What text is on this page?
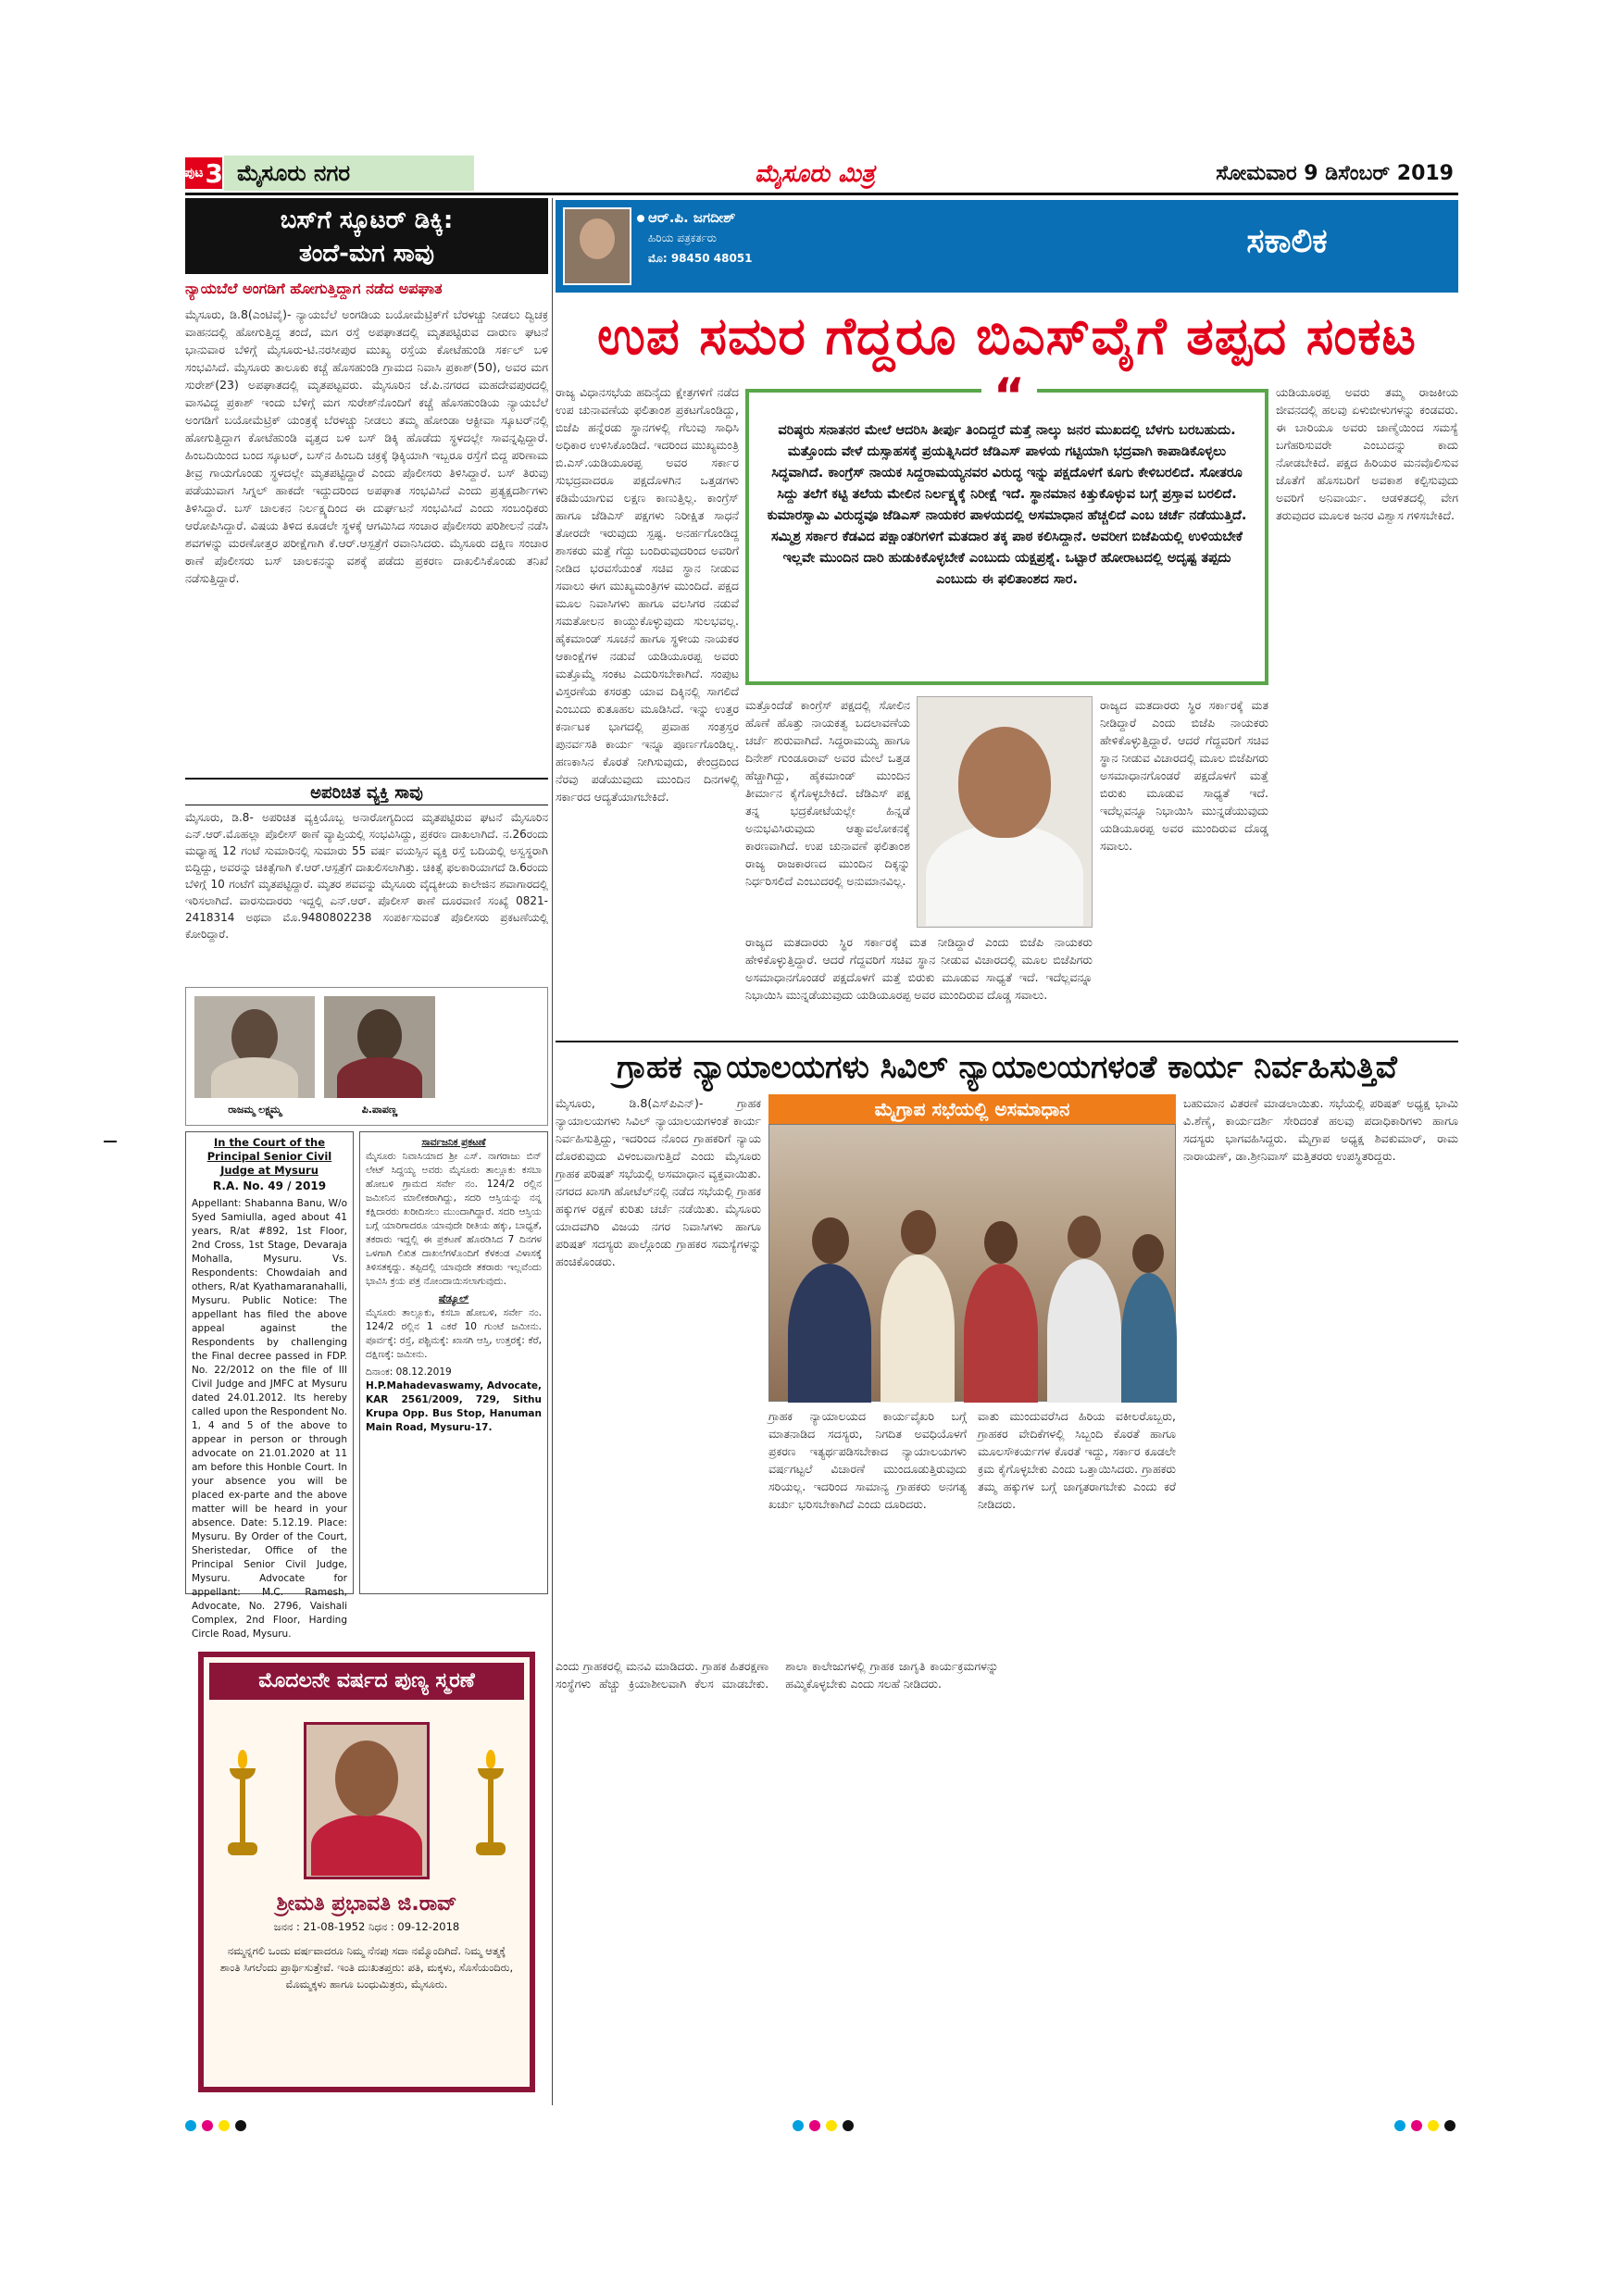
ಪುಟ 3 ಮೈಸೂರು ನಗರ	ಮೈಸೂರು ಮಿತ್ರ	ಸೋಮವಾರ 9 ಡಿಸೆಂಬರ್ 2019
ಬಸ್‌ಗೆ ಸ್ಕೂಟರ್ ಡಿಕ್ಕಿ:
ತಂದೆ-ಮಗ ಸಾವು
ನ್ಯಾಯಬೆಲೆ ಅಂಗಡಿಗೆ ಹೋಗುತ್ತಿದ್ದಾಗ ನಡೆದ ಅಪಘಾತ
ಮೈಸೂರು, ಡಿ.8(ಎಂಟಿವೈ)- ನ್ಯಾಯಬೆಲೆ ಅಂಗಡಿಯ ಬಯೋಮೆಟ್ರಿಕ್‌ಗೆ ಬೆರಳಚ್ಚು ನೀಡಲು ದ್ವಿಚಕ್ರ ವಾಹನದಲ್ಲಿ ಹೋಗುತ್ತಿದ್ದ ತಂದೆ, ಮಗ ರಸ್ತೆ ಅಪಘಾತದಲ್ಲಿ ಮೃತಪಟ್ಟಿರುವ ದಾರುಣ ಘಟನೆ ಭಾನುವಾರ ಬೆಳಿಗ್ಗೆ ಮೈಸೂರು-ಟಿ.ನರಸೀಪುರ ಮುಖ್ಯ ರಸ್ತೆಯ ಕೋಟೆಹುಂಡಿ ಸರ್ಕಲ್ ಬಳಿ ಸಂಭವಿಸಿದೆ. ಮೈಸೂರು ತಾಲೂಕು ಕಚ್ಚೆ ಹೊಸಹುಂಡಿ ಗ್ರಾಮದ ನಿವಾಸಿ ಪ್ರಕಾಶ್(50), ಅವರ ಮಗ ಸುರೇಶ್(23) ಅಪಘಾತದಲ್ಲಿ ಮೃತಪಟ್ಟವರು. ಮೈಸೂರಿನ ಜೆ.ಪಿ.ನಗರದ ಮಹದೇವಪುರದಲ್ಲಿ ವಾಸವಿದ್ದ ಪ್ರಕಾಶ್ ಇಂದು ಬೆಳಿಗ್ಗೆ ಮಗ ಸುರೇಶ್‌ನೊಂದಿಗೆ ಕಚ್ಚೆ ಹೊಸಹುಂಡಿಯ ನ್ಯಾಯಬೆಲೆ ಅಂಗಡಿಗೆ ಬಯೋಮೆಟ್ರಿಕ್ ಯಂತ್ರಕ್ಕೆ ಬೆರಳಚ್ಚು ನೀಡಲು ತಮ್ಮ ಹೋಂಡಾ ಆಕ್ಟೀವಾ ಸ್ಕೂಟರ್‌ನಲ್ಲಿ ಹೋಗುತ್ತಿದ್ದಾಗ ಕೋಟೆಹುಂಡಿ ವೃತ್ತದ ಬಳಿ ಬಸ್ ಡಿಕ್ಕಿ ಹೊಡೆದು ಸ್ಥಳದಲ್ಲೇ ಸಾವನ್ನಪ್ಪಿದ್ದಾರೆ. ಹಿಂಬದಿಯಿಂದ ಬಂದ ಸ್ಕೂಟರ್, ಬಸ್‌ನ ಹಿಂಬದಿ ಚಕ್ರಕ್ಕೆ ಢಿಕ್ಕಿಯಾಗಿ ಇಬ್ಬರೂ ರಸ್ತೆಗೆ ಬಿದ್ದ ಪರಿಣಾಮ ತೀವ್ರ ಗಾಯಗೊಂಡು ಸ್ಥಳದಲ್ಲೇ ಮೃತಪಟ್ಟಿದ್ದಾರೆ ಎಂದು ಪೊಲೀಸರು ತಿಳಿಸಿದ್ದಾರೆ. ಬಸ್ ತಿರುವು ಪಡೆಯುವಾಗ ಸಿಗ್ನಲ್ ಹಾಕದೇ ಇದ್ದುದರಿಂದ ಅಪಘಾತ ಸಂಭವಿಸಿದೆ ಎಂದು ಪ್ರತ್ಯಕ್ಷದರ್ಶಿಗಳು ತಿಳಿಸಿದ್ದಾರೆ. ಬಸ್ ಚಾಲಕನ ನಿರ್ಲಕ್ಷ್ಯದಿಂದ ಈ ದುರ್ಘಟನೆ ಸಂಭವಿಸಿದೆ ಎಂದು ಸಂಬಂಧಿಕರು ಆರೋಪಿಸಿದ್ದಾರೆ. ವಿಷಯ ತಿಳಿದ ಕೂಡಲೇ ಸ್ಥಳಕ್ಕೆ ಆಗಮಿಸಿದ ಸಂಚಾರ ಪೊಲೀಸರು ಪರಿಶೀಲನೆ ನಡೆಸಿ ಶವಗಳನ್ನು ಮರಣೋತ್ತರ ಪರೀಕ್ಷೆಗಾಗಿ ಕೆ.ಆರ್.ಆಸ್ಪತ್ರೆಗೆ ರವಾನಿಸಿದರು. ಮೈಸೂರು ದಕ್ಷಿಣ ಸಂಚಾರ ಠಾಣೆ ಪೊಲೀಸರು ಬಸ್ ಚಾಲಕನನ್ನು ವಶಕ್ಕೆ ಪಡೆದು ಪ್ರಕರಣ ದಾಖಲಿಸಿಕೊಂಡು ತನಿಖೆ ನಡೆಸುತ್ತಿದ್ದಾರೆ.
ಅಪರಿಚಿತ ವ್ಯಕ್ತಿ ಸಾವು
ಮೈಸೂರು, ಡಿ.8- ಅಪರಿಚಿತ ವ್ಯಕ್ತಿಯೊಬ್ಬ ಅನಾರೋಗ್ಯದಿಂದ ಮೃತಪಟ್ಟಿರುವ ಘಟನೆ ಮೈಸೂರಿನ ಎನ್.ಆರ್.ಮೊಹಲ್ಲಾ ಪೊಲೀಸ್ ಠಾಣೆ ವ್ಯಾಪ್ತಿಯಲ್ಲಿ ಸಂಭವಿಸಿದ್ದು, ಪ್ರಕರಣ ದಾಖಲಾಗಿದೆ. ನ.26ರಂದು ಮಧ್ಯಾಹ್ನ 12 ಗಂಟೆ ಸುಮಾರಿನಲ್ಲಿ ಸುಮಾರು 55 ವರ್ಷ ವಯಸ್ಸಿನ ವ್ಯಕ್ತಿ ರಸ್ತೆ ಬದಿಯಲ್ಲಿ ಅಸ್ವಸ್ಥರಾಗಿ ಬಿದ್ದಿದ್ದು, ಅವರನ್ನು ಚಿಕಿತ್ಸೆಗಾಗಿ ಕೆ.ಆರ್.ಆಸ್ಪತ್ರೆಗೆ ದಾಖಲಿಸಲಾಗಿತ್ತು. ಚಿಕಿತ್ಸೆ ಫಲಕಾರಿಯಾಗದೆ ಡಿ.6ರಂದು ಬೆಳಿಗ್ಗೆ 10 ಗಂಟೆಗೆ ಮೃತಪಟ್ಟಿದ್ದಾರೆ. ಮೃತರ ಶವವನ್ನು ಮೈಸೂರು ವೈದ್ಯಕೀಯ ಕಾಲೇಜಿನ ಶವಾಗಾರದಲ್ಲಿ ಇರಿಸಲಾಗಿದೆ. ವಾರಸುದಾರರು ಇದ್ದಲ್ಲಿ ಎನ್.ಆರ್. ಪೊಲೀಸ್ ಠಾಣೆ ದೂರವಾಣಿ ಸಂಖ್ಯೆ 0821-2418314 ಅಥವಾ ಮೊ.9480802238 ಸಂಪರ್ಕಿಸುವಂತೆ ಪೊಲೀಸರು ಪ್ರಕಟಣೆಯಲ್ಲಿ ಕೋರಿದ್ದಾರೆ.
ರಾಜಮ್ಮ ಲಕ್ಷ್ಮಮ್ಮ	ಪಿ.ಪಾಪಣ್ಣ
In the Court of the Principal Senior Civil Judge at Mysuru
R.A. No. 49 / 2019
Appellant: Shabanna Banu, W/o Syed Samiulla, aged about 41 years, R/at #892, 1st Floor, 2nd Cross, 1st Stage, Devaraja Mohalla, Mysuru. Vs. Respondents: Chowdaiah and others, R/at Kyathamaranahalli, Mysuru. Public Notice: The appellant has filed the above appeal against the Respondents by challenging the Final decree passed in FDP. No. 22/2012 on the file of III Civil Judge and JMFC at Mysuru dated 24.01.2012. Its hereby called upon the Respondent No. 1, 4 and 5 of the above to appear in person or through advocate on 21.01.2020 at 11 am before this Honble Court. In your absence you will be placed ex-parte and the above matter will be heard in your absence. Date: 5.12.19. Place: Mysuru. By Order of the Court, Sheristedar, Office of the Principal Senior Civil Judge, Mysuru. Advocate for appellant: M.C. Ramesh, Advocate, No. 2796, Vaishali Complex, 2nd Floor, Harding Circle Road, Mysuru.
ಸಾರ್ವಜನಿಕ ಪ್ರಕಟಣೆ
ಮೈಸೂರು ನಿವಾಸಿಯಾದ ಶ್ರೀ ಎಸ್. ನಾಗರಾಜು ಬಿನ್ ಲೇಟ್ ಸಿದ್ದಯ್ಯ ಅವರು ಮೈಸೂರು ತಾಲ್ಲೂಕು ಕಸಬಾ ಹೋಬಳಿ ಗ್ರಾಮದ ಸರ್ವೇ ನಂ. 124/2 ರಲ್ಲಿನ ಜಮೀನಿನ ಮಾಲೀಕರಾಗಿದ್ದು, ಸದರಿ ಆಸ್ತಿಯನ್ನು ನನ್ನ ಕಕ್ಷಿದಾರರು ಖರೀದಿಸಲು ಮುಂದಾಗಿದ್ದಾರೆ. ಸದರಿ ಆಸ್ತಿಯ ಬಗ್ಗೆ ಯಾರಿಗಾದರೂ ಯಾವುದೇ ರೀತಿಯ ಹಕ್ಕು, ಬಾಧ್ಯತೆ, ತಕರಾರು ಇದ್ದಲ್ಲಿ ಈ ಪ್ರಕಟಣೆ ಹೊರಡಿಸಿದ 7 ದಿನಗಳ ಒಳಗಾಗಿ ಲಿಖಿತ ದಾಖಲೆಗಳೊಂದಿಗೆ ಕೆಳಕಂಡ ವಿಳಾಸಕ್ಕೆ ತಿಳಿಸತಕ್ಕದ್ದು. ತಪ್ಪಿದಲ್ಲಿ ಯಾವುದೇ ತಕರಾರು ಇಲ್ಲವೆಂದು ಭಾವಿಸಿ ಕ್ರಯ ಪತ್ರ ನೋಂದಾಯಿಸಲಾಗುವುದು.
ಷೆಡ್ಯೂಲ್
ಮೈಸೂರು ತಾಲ್ಲೂಕು, ಕಸಬಾ ಹೋಬಳಿ, ಸರ್ವೇ ನಂ. 124/2 ರಲ್ಲಿನ 1 ಎಕರೆ 10 ಗುಂಟೆ ಜಮೀನು. ಪೂರ್ವಕ್ಕೆ: ರಸ್ತೆ, ಪಶ್ಚಿಮಕ್ಕೆ: ಖಾಸಗಿ ಆಸ್ತಿ, ಉತ್ತರಕ್ಕೆ: ಕೆರೆ, ದಕ್ಷಿಣಕ್ಕೆ: ಜಮೀನು.
ದಿನಾಂಕ: 08.12.2019
H.P.Mahadevaswamy, Advocate, KAR 2561/2009, 729, Sithu Krupa Opp. Bus Stop, Hanuman Main Road, Mysuru-17.
ಮೊದಲನೇ ವರ್ಷದ ಪುಣ್ಯ ಸ್ಮರಣೆ
ಶ್ರೀಮತಿ ಪ್ರಭಾವತಿ ಜಿ.ರಾವ್
ಜನನ : 21-08-1952 ನಿಧನ : 09-12-2018
ನಮ್ಮನ್ನಗಲಿ ಒಂದು ವರ್ಷವಾದರೂ ನಿಮ್ಮ ನೆನಪು ಸದಾ ನಮ್ಮೊಂದಿಗಿದೆ. ನಿಮ್ಮ ಆತ್ಮಕ್ಕೆ ಶಾಂತಿ ಸಿಗಲೆಂದು ಪ್ರಾರ್ಥಿಸುತ್ತೇವೆ. ಇಂತಿ ದುಃಖತಪ್ತರು: ಪತಿ, ಮಕ್ಕಳು, ಸೊಸೆಯಂದಿರು, ಮೊಮ್ಮಕ್ಕಳು ಹಾಗೂ ಬಂಧುಮಿತ್ರರು, ಮೈಸೂರು.
ಆರ್.ಪಿ. ಜಗದೀಶ್
ಹಿರಿಯ ಪತ್ರಕರ್ತರು
ಮೊ: 98450 48051	ಸಕಾಲಿಕ
ಉಪ ಸಮರ ಗೆದ್ದರೂ ಬಿಎಸ್‌ವೈಗೆ ತಪ್ಪದ ಸಂಕಟ
ರಾಜ್ಯ ವಿಧಾನಸಭೆಯ ಹದಿನೈದು ಕ್ಷೇತ್ರಗಳಿಗೆ ನಡೆದ ಉಪ ಚುನಾವಣೆಯ ಫಲಿತಾಂಶ ಪ್ರಕಟಗೊಂಡಿದ್ದು, ಬಿಜೆಪಿ ಹನ್ನೆರಡು ಸ್ಥಾನಗಳಲ್ಲಿ ಗೆಲುವು ಸಾಧಿಸಿ ಅಧಿಕಾರ ಉಳಿಸಿಕೊಂಡಿದೆ. ಇದರಿಂದ ಮುಖ್ಯಮಂತ್ರಿ ಬಿ.ಎಸ್.ಯಡಿಯೂರಪ್ಪ ಅವರ ಸರ್ಕಾರ ಸುಭದ್ರವಾದರೂ ಪಕ್ಷದೊಳಗಿನ ಒತ್ತಡಗಳು ಕಡಿಮೆಯಾಗುವ ಲಕ್ಷಣ ಕಾಣುತ್ತಿಲ್ಲ. ಕಾಂಗ್ರೆಸ್ ಹಾಗೂ ಜೆಡಿಎಸ್ ಪಕ್ಷಗಳು ನಿರೀಕ್ಷಿತ ಸಾಧನೆ ತೋರದೇ ಇರುವುದು ಸ್ಪಷ್ಟ. ಅನರ್ಹಗೊಂಡಿದ್ದ ಶಾಸಕರು ಮತ್ತೆ ಗೆದ್ದು ಬಂದಿರುವುದರಿಂದ ಅವರಿಗೆ ನೀಡಿದ ಭರವಸೆಯಂತೆ ಸಚಿವ ಸ್ಥಾನ ನೀಡುವ ಸವಾಲು ಈಗ ಮುಖ್ಯಮಂತ್ರಿಗಳ ಮುಂದಿದೆ. ಪಕ್ಷದ ಮೂಲ ನಿವಾಸಿಗಳು ಹಾಗೂ ವಲಸಿಗರ ನಡುವೆ ಸಮತೋಲನ ಕಾಯ್ದುಕೊಳ್ಳುವುದು ಸುಲಭವಲ್ಲ. ಹೈಕಮಾಂಡ್ ಸೂಚನೆ ಹಾಗೂ ಸ್ಥಳೀಯ ನಾಯಕರ ಆಕಾಂಕ್ಷೆಗಳ ನಡುವೆ ಯಡಿಯೂರಪ್ಪ ಅವರು ಮತ್ತೊಮ್ಮೆ ಸಂಕಟ ಎದುರಿಸಬೇಕಾಗಿದೆ. ಸಂಪುಟ ವಿಸ್ತರಣೆಯ ಕಸರತ್ತು ಯಾವ ದಿಕ್ಕಿನಲ್ಲಿ ಸಾಗಲಿದೆ ಎಂಬುದು ಕುತೂಹಲ ಮೂಡಿಸಿದೆ. ಇನ್ನು ಉತ್ತರ ಕರ್ನಾಟಕ ಭಾಗದಲ್ಲಿ ಪ್ರವಾಹ ಸಂತ್ರಸ್ತರ ಪುನರ್ವಸತಿ ಕಾರ್ಯ ಇನ್ನೂ ಪೂರ್ಣಗೊಂಡಿಲ್ಲ. ಹಣಕಾಸಿನ ಕೊರತೆ ನೀಗಿಸುವುದು, ಕೇಂದ್ರದಿಂದ ನೆರವು ಪಡೆಯುವುದು ಮುಂದಿನ ದಿನಗಳಲ್ಲಿ ಸರ್ಕಾರದ ಆದ್ಯತೆಯಾಗಬೇಕಿದೆ.
ಯಡಿಯೂರಪ್ಪ ಅವರು ತಮ್ಮ ರಾಜಕೀಯ ಜೀವನದಲ್ಲಿ ಹಲವು ಏಳುಬೀಳುಗಳನ್ನು ಕಂಡವರು. ಈ ಬಾರಿಯೂ ಅವರು ಜಾಣ್ಮೆಯಿಂದ ಸಮಸ್ಯೆ ಬಗೆಹರಿಸುವರೇ ಎಂಬುದನ್ನು ಕಾದು ನೋಡಬೇಕಿದೆ. ಪಕ್ಷದ ಹಿರಿಯರ ಮನವೊಲಿಸುವ ಜೊತೆಗೆ ಹೊಸಬರಿಗೆ ಅವಕಾಶ ಕಲ್ಪಿಸುವುದು ಅವರಿಗೆ ಅನಿವಾರ್ಯ. ಆಡಳಿತದಲ್ಲಿ ವೇಗ ತರುವುದರ ಮೂಲಕ ಜನರ ವಿಶ್ವಾಸ ಗಳಿಸಬೇಕಿದೆ.
ವರಿಷ್ಠರು ಸನಾತನರ ಮೇಲೆ ಆದರಿಸಿ ತೀರ್ಪು ತಿಂದಿದ್ದರೆ ಮತ್ತೆ ನಾಲ್ಕು ಜನರ ಮುಖದಲ್ಲಿ ಬೆಳಗು ಬರಬಹುದು. ಮತ್ತೊಂದು ವೇಳೆ ದುಸ್ಸಾಹಸಕ್ಕೆ ಪ್ರಯತ್ನಿಸಿದರೆ ಜೆಡಿಎಸ್ ಪಾಳಯ ಗಟ್ಟಿಯಾಗಿ ಭದ್ರವಾಗಿ ಕಾಪಾಡಿಕೊಳ್ಳಲು ಸಿದ್ಧವಾಗಿದೆ. ಕಾಂಗ್ರೆಸ್ ನಾಯಕ ಸಿದ್ದರಾಮಯ್ಯನವರ ವಿರುದ್ಧ ಇನ್ನು ಪಕ್ಷದೊಳಗೆ ಕೂಗು ಕೇಳಿಬರಲಿದೆ. ಸೋತರೂ ಸಿದ್ದು ತಲೆಗೆ ಕಟ್ಟಿ ತಲೆಯ ಮೇಲಿನ ನಿರ್ಲಕ್ಷ್ಯಕ್ಕೆ ನಿರೀಕ್ಷೆ ಇದೆ. ಸ್ಥಾನಮಾನ ಕಿತ್ತುಕೊಳ್ಳುವ ಬಗ್ಗೆ ಪ್ರಸ್ತಾವ ಬರಲಿದೆ. ಕುಮಾರಸ್ವಾಮಿ ವಿರುದ್ಧವೂ ಜೆಡಿಎಸ್ ನಾಯಕರ ಪಾಳಯದಲ್ಲಿ ಅಸಮಾಧಾನ ಹೆಚ್ಚಲಿದೆ ಎಂಬ ಚರ್ಚೆ ನಡೆಯುತ್ತಿದೆ. ಸಮ್ಮಿಶ್ರ ಸರ್ಕಾರ ಕೆಡವಿದ ಪಕ್ಷಾಂತರಿಗಳಿಗೆ ಮತದಾರ ತಕ್ಕ ಪಾಠ ಕಲಿಸಿದ್ದಾನೆ. ಅವರೀಗ ಬಿಜೆಪಿಯಲ್ಲಿ ಉಳಿಯಬೇಕೆ ಇಲ್ಲವೇ ಮುಂದಿನ ದಾರಿ ಹುಡುಕಿಕೊಳ್ಳಬೇಕೆ ಎಂಬುದು ಯಕ್ಷಪ್ರಶ್ನೆ. ಒಟ್ಟಾರೆ ಹೋರಾಟದಲ್ಲಿ ಅದೃಷ್ಟ ತಪ್ಪದು ಎಂಬುದು ಈ ಫಲಿತಾಂಶದ ಸಾರ.
“
ಮತ್ತೊಂದೆಡೆ ಕಾಂಗ್ರೆಸ್ ಪಕ್ಷದಲ್ಲಿ ಸೋಲಿನ ಹೊಣೆ ಹೊತ್ತು ನಾಯಕತ್ವ ಬದಲಾವಣೆಯ ಚರ್ಚೆ ಶುರುವಾಗಿದೆ. ಸಿದ್ದರಾಮಯ್ಯ ಹಾಗೂ ದಿನೇಶ್ ಗುಂಡೂರಾವ್ ಅವರ ಮೇಲೆ ಒತ್ತಡ ಹೆಚ್ಚಾಗಿದ್ದು, ಹೈಕಮಾಂಡ್ ಮುಂದಿನ ತೀರ್ಮಾನ ಕೈಗೊಳ್ಳಬೇಕಿದೆ. ಜೆಡಿಎಸ್ ಪಕ್ಷ ತನ್ನ ಭದ್ರಕೋಟೆಯಲ್ಲೇ ಹಿನ್ನಡೆ ಅನುಭವಿಸಿರುವುದು ಆತ್ಮಾವಲೋಕನಕ್ಕೆ ಕಾರಣವಾಗಿದೆ. ಉಪ ಚುನಾವಣೆ ಫಲಿತಾಂಶ ರಾಜ್ಯ ರಾಜಕಾರಣದ ಮುಂದಿನ ದಿಕ್ಕನ್ನು ನಿರ್ಧರಿಸಲಿದೆ ಎಂಬುದರಲ್ಲಿ ಅನುಮಾನವಿಲ್ಲ.
ರಾಜ್ಯದ ಮತದಾರರು ಸ್ಥಿರ ಸರ್ಕಾರಕ್ಕೆ ಮತ ನೀಡಿದ್ದಾರೆ ಎಂದು ಬಿಜೆಪಿ ನಾಯಕರು ಹೇಳಿಕೊಳ್ಳುತ್ತಿದ್ದಾರೆ. ಆದರೆ ಗೆದ್ದವರಿಗೆ ಸಚಿವ ಸ್ಥಾನ ನೀಡುವ ವಿಚಾರದಲ್ಲಿ ಮೂಲ ಬಿಜೆಪಿಗರು ಅಸಮಾಧಾನಗೊಂಡರೆ ಪಕ್ಷದೊಳಗೆ ಮತ್ತೆ ಬಿರುಕು ಮೂಡುವ ಸಾಧ್ಯತೆ ಇದೆ. ಇದೆಲ್ಲವನ್ನೂ ನಿಭಾಯಿಸಿ ಮುನ್ನಡೆಯುವುದು ಯಡಿಯೂರಪ್ಪ ಅವರ ಮುಂದಿರುವ ದೊಡ್ಡ ಸವಾಲು.
ರಾಜ್ಯದ ಮತದಾರರು ಸ್ಥಿರ ಸರ್ಕಾರಕ್ಕೆ ಮತ ನೀಡಿದ್ದಾರೆ ಎಂದು ಬಿಜೆಪಿ ನಾಯಕರು ಹೇಳಿಕೊಳ್ಳುತ್ತಿದ್ದಾರೆ. ಆದರೆ ಗೆದ್ದವರಿಗೆ ಸಚಿವ ಸ್ಥಾನ ನೀಡುವ ವಿಚಾರದಲ್ಲಿ ಮೂಲ ಬಿಜೆಪಿಗರು ಅಸಮಾಧಾನಗೊಂಡರೆ ಪಕ್ಷದೊಳಗೆ ಮತ್ತೆ ಬಿರುಕು ಮೂಡುವ ಸಾಧ್ಯತೆ ಇದೆ. ಇದೆಲ್ಲವನ್ನೂ ನಿಭಾಯಿಸಿ ಮುನ್ನಡೆಯುವುದು ಯಡಿಯೂರಪ್ಪ ಅವರ ಮುಂದಿರುವ ದೊಡ್ಡ ಸವಾಲು.
ಗ್ರಾಹಕ ನ್ಯಾಯಾಲಯಗಳು ಸಿವಿಲ್ ನ್ಯಾಯಾಲಯಗಳಂತೆ ಕಾರ್ಯ ನಿರ್ವಹಿಸುತ್ತಿವೆ
ಮೈಸೂರು, ಡಿ.8(ಎಸ್‌ಪಿಎನ್)- ಗ್ರಾಹಕ ನ್ಯಾಯಾಲಯಗಳು ಸಿವಿಲ್ ನ್ಯಾಯಾಲಯಗಳಂತೆ ಕಾರ್ಯ ನಿರ್ವಹಿಸುತ್ತಿದ್ದು, ಇದರಿಂದ ನೊಂದ ಗ್ರಾಹಕರಿಗೆ ನ್ಯಾಯ ದೊರಕುವುದು ವಿಳಂಬವಾಗುತ್ತಿದೆ ಎಂದು ಮೈಸೂರು ಗ್ರಾಹಕ ಪರಿಷತ್ ಸಭೆಯಲ್ಲಿ ಅಸಮಾಧಾನ ವ್ಯಕ್ತವಾಯಿತು. ನಗರದ ಖಾಸಗಿ ಹೋಟೆಲ್‌ನಲ್ಲಿ ನಡೆದ ಸಭೆಯಲ್ಲಿ ಗ್ರಾಹಕ ಹಕ್ಕುಗಳ ರಕ್ಷಣೆ ಕುರಿತು ಚರ್ಚೆ ನಡೆಯಿತು. ಮೈಸೂರು ಯಾದವಗಿರಿ ವಿಜಯ ನಗರ ನಿವಾಸಿಗಳು ಹಾಗೂ ಪರಿಷತ್ ಸದಸ್ಯರು ಪಾಲ್ಗೊಂಡು ಗ್ರಾಹಕರ ಸಮಸ್ಯೆಗಳನ್ನು ಹಂಚಿಕೊಂಡರು.
ಮೈಗ್ರಾಪ ಸಭೆಯಲ್ಲಿ ಅಸಮಾಧಾನ
ಗ್ರಾಹಕ ನ್ಯಾಯಾಲಯದ ಕಾರ್ಯವೈಖರಿ ಬಗ್ಗೆ ಮಾತನಾಡಿದ ಸದಸ್ಯರು, ನಿಗದಿತ ಅವಧಿಯೊಳಗೆ ಪ್ರಕರಣ ಇತ್ಯರ್ಥಪಡಿಸಬೇಕಾದ ನ್ಯಾಯಾಲಯಗಳು ವರ್ಷಗಟ್ಟಲೆ ವಿಚಾರಣೆ ಮುಂದೂಡುತ್ತಿರುವುದು ಸರಿಯಲ್ಲ. ಇದರಿಂದ ಸಾಮಾನ್ಯ ಗ್ರಾಹಕರು ಅನಗತ್ಯ ಖರ್ಚು ಭರಿಸಬೇಕಾಗಿದೆ ಎಂದು ದೂರಿದರು.
ವಾತು ಮುಂದುವರೆಸಿದ ಹಿರಿಯ ವಕೀಲರೊಬ್ಬರು, ಗ್ರಾಹಕರ ವೇದಿಕೆಗಳಲ್ಲಿ ಸಿಬ್ಬಂದಿ ಕೊರತೆ ಹಾಗೂ ಮೂಲಸೌಕರ್ಯಗಳ ಕೊರತೆ ಇದ್ದು, ಸರ್ಕಾರ ಕೂಡಲೇ ಕ್ರಮ ಕೈಗೊಳ್ಳಬೇಕು ಎಂದು ಒತ್ತಾಯಿಸಿದರು. ಗ್ರಾಹಕರು ತಮ್ಮ ಹಕ್ಕುಗಳ ಬಗ್ಗೆ ಜಾಗೃತರಾಗಬೇಕು ಎಂದು ಕರೆ ನೀಡಿದರು.
ಬಹುಮಾನ ವಿತರಣೆ ಮಾಡಲಾಯಿತು. ಸಭೆಯಲ್ಲಿ ಪರಿಷತ್ ಅಧ್ಯಕ್ಷ ಭಾಮಿ ವಿ.ಶೆಣೈ, ಕಾರ್ಯದರ್ಶಿ ಸೇರಿದಂತೆ ಹಲವು ಪದಾಧಿಕಾರಿಗಳು ಹಾಗೂ ಸದಸ್ಯರು ಭಾಗವಹಿಸಿದ್ದರು. ಮೈಗ್ರಾಪ ಅಧ್ಯಕ್ಷ ಶಿವಕುಮಾರ್, ರಾಮ ನಾರಾಯಣ್, ಡಾ.ಶ್ರೀನಿವಾಸ್ ಮತ್ತಿತರರು ಉಪಸ್ಥಿತರಿದ್ದರು.
ಎಂದು ಗ್ರಾಹಕರಲ್ಲಿ ಮನವಿ ಮಾಡಿದರು. ಗ್ರಾಹಕ ಹಿತರಕ್ಷಣಾ ಸಂಸ್ಥೆಗಳು ಹೆಚ್ಚು ಕ್ರಿಯಾಶೀಲವಾಗಿ ಕೆಲಸ ಮಾಡಬೇಕು. ಶಾಲಾ ಕಾಲೇಜುಗಳಲ್ಲಿ ಗ್ರಾಹಕ ಜಾಗೃತಿ ಕಾರ್ಯಕ್ರಮಗಳನ್ನು ಹಮ್ಮಿಕೊಳ್ಳಬೇಕು ಎಂದು ಸಲಹೆ ನೀಡಿದರು.
